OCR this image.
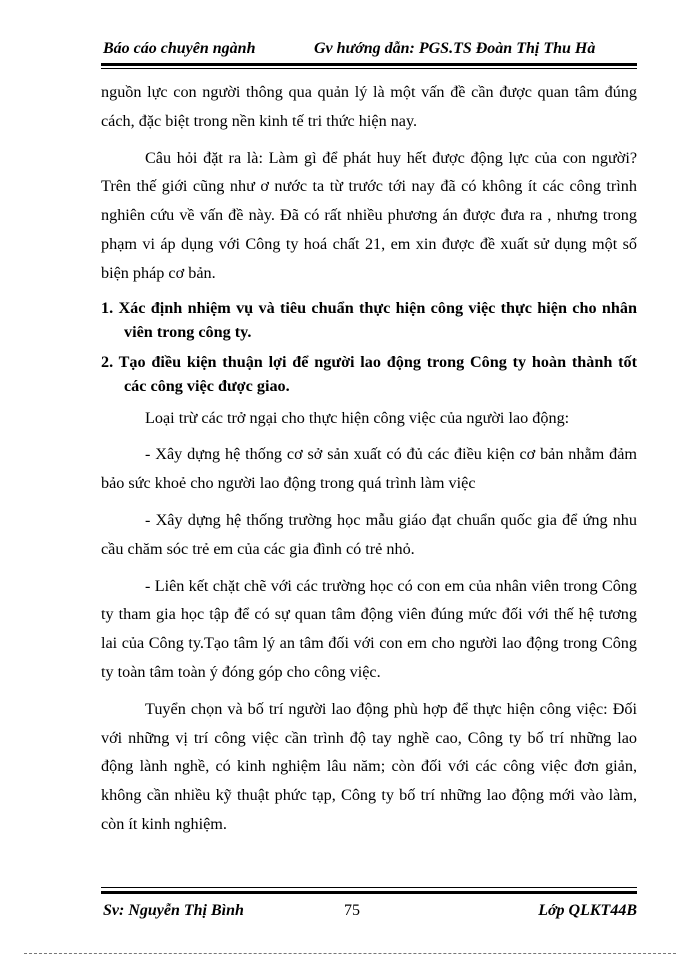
Báo cáo chuyên ngành	Gv hướng dẫn: PGS.TS Đoàn Thị Thu Hà

nguồn lực con người thông qua quản lý là một vấn đề cần được quan tâm đúng cách, đặc biệt trong nền kinh tế tri thức hiện nay.

Câu hỏi đặt ra là: Làm gì để phát huy hết được động lực của con người? Trên thế giới cũng như ơ nước ta từ trước tới nay đã có không ít các công trình nghiên cứu về vấn đề này. Đã có rất nhiều phương án được đưa ra , nhưng trong phạm vi áp dụng với Công ty hoá chất 21, em xin được đề xuất sử dụng một số biện pháp cơ bản.

1. Xác định nhiệm vụ và tiêu chuẩn thực hiện công việc thực hiện cho nhân viên trong công ty.

2. Tạo điều kiện thuận lợi để người lao động trong Công ty hoàn thành tốt các công việc được giao.

Loại trừ các trở ngại cho thực hiện công việc của người lao động:

- Xây dựng hệ thống cơ sở sản xuất có đủ các điều kiện cơ bản nhằm đảm bảo sức khoẻ cho người lao động trong quá trình làm việc

- Xây dựng hệ thống trường học mẫu giáo đạt chuẩn quốc gia để ứng nhu cầu chăm sóc trẻ em của các gia đình có trẻ nhỏ.

- Liên kết chặt chẽ với các trường học có con em của nhân viên trong Công ty tham gia học tập để có sự quan tâm động viên đúng mức đối với thế hệ tương lai của Công ty.Tạo tâm lý an tâm đối với con em cho người lao động trong Công ty toàn tâm toàn ý đóng góp cho công việc.

Tuyển chọn và bố trí người lao động phù hợp để thực hiện công việc: Đối với những vị trí công việc cần trình độ tay nghề cao, Công ty bố trí những lao động lành nghề, có kinh nghiệm lâu năm; còn đối với các công việc đơn giản, không cần nhiều kỹ thuật phức tạp, Công ty bố trí những lao động mới vào làm, còn ít kinh nghiệm.

Sv: Nguyễn Thị Bình	75	Lớp QLKT44B
